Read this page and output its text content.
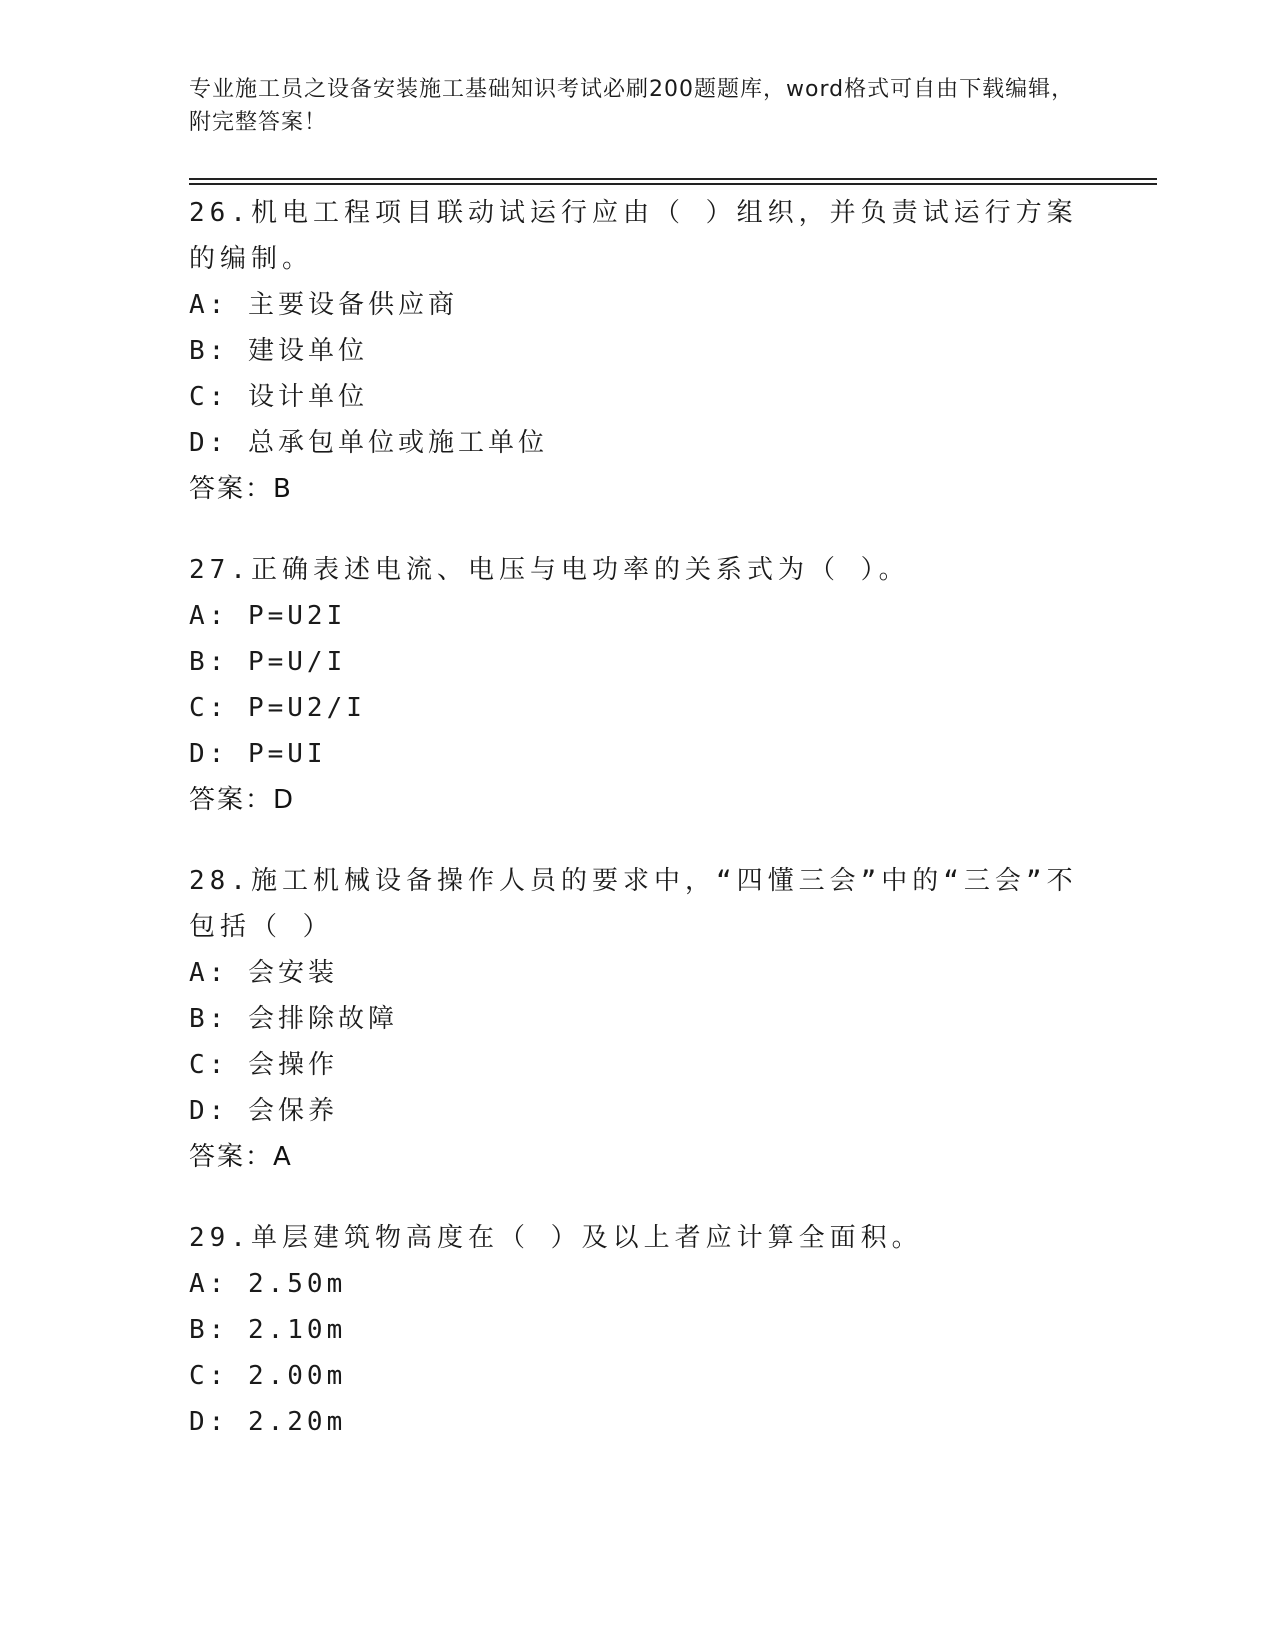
专业施工员之设备安装施工基础知识考试必刷200题题库，word格式可自由下载编辑，附完整答案！
26.机电工程项目联动试运行应由（ ）组织，并负责试运行方案的编制。
A: 主要设备供应商
B: 建设单位
C: 设计单位
D: 总承包单位或施工单位
答案：B
27.正确表述电流、电压与电功率的关系式为（ ）。
A: P=U2I
B: P=U/I
C: P=U2/I
D: P=UI
答案：D
28.施工机械设备操作人员的要求中，“四懂三会”中的“三会”不包括（ ）
A: 会安装
B: 会排除故障
C: 会操作
D: 会保养
答案：A
29.单层建筑物高度在（ ）及以上者应计算全面积。
A: 2.50m
B: 2.10m
C: 2.00m
D: 2.20m
